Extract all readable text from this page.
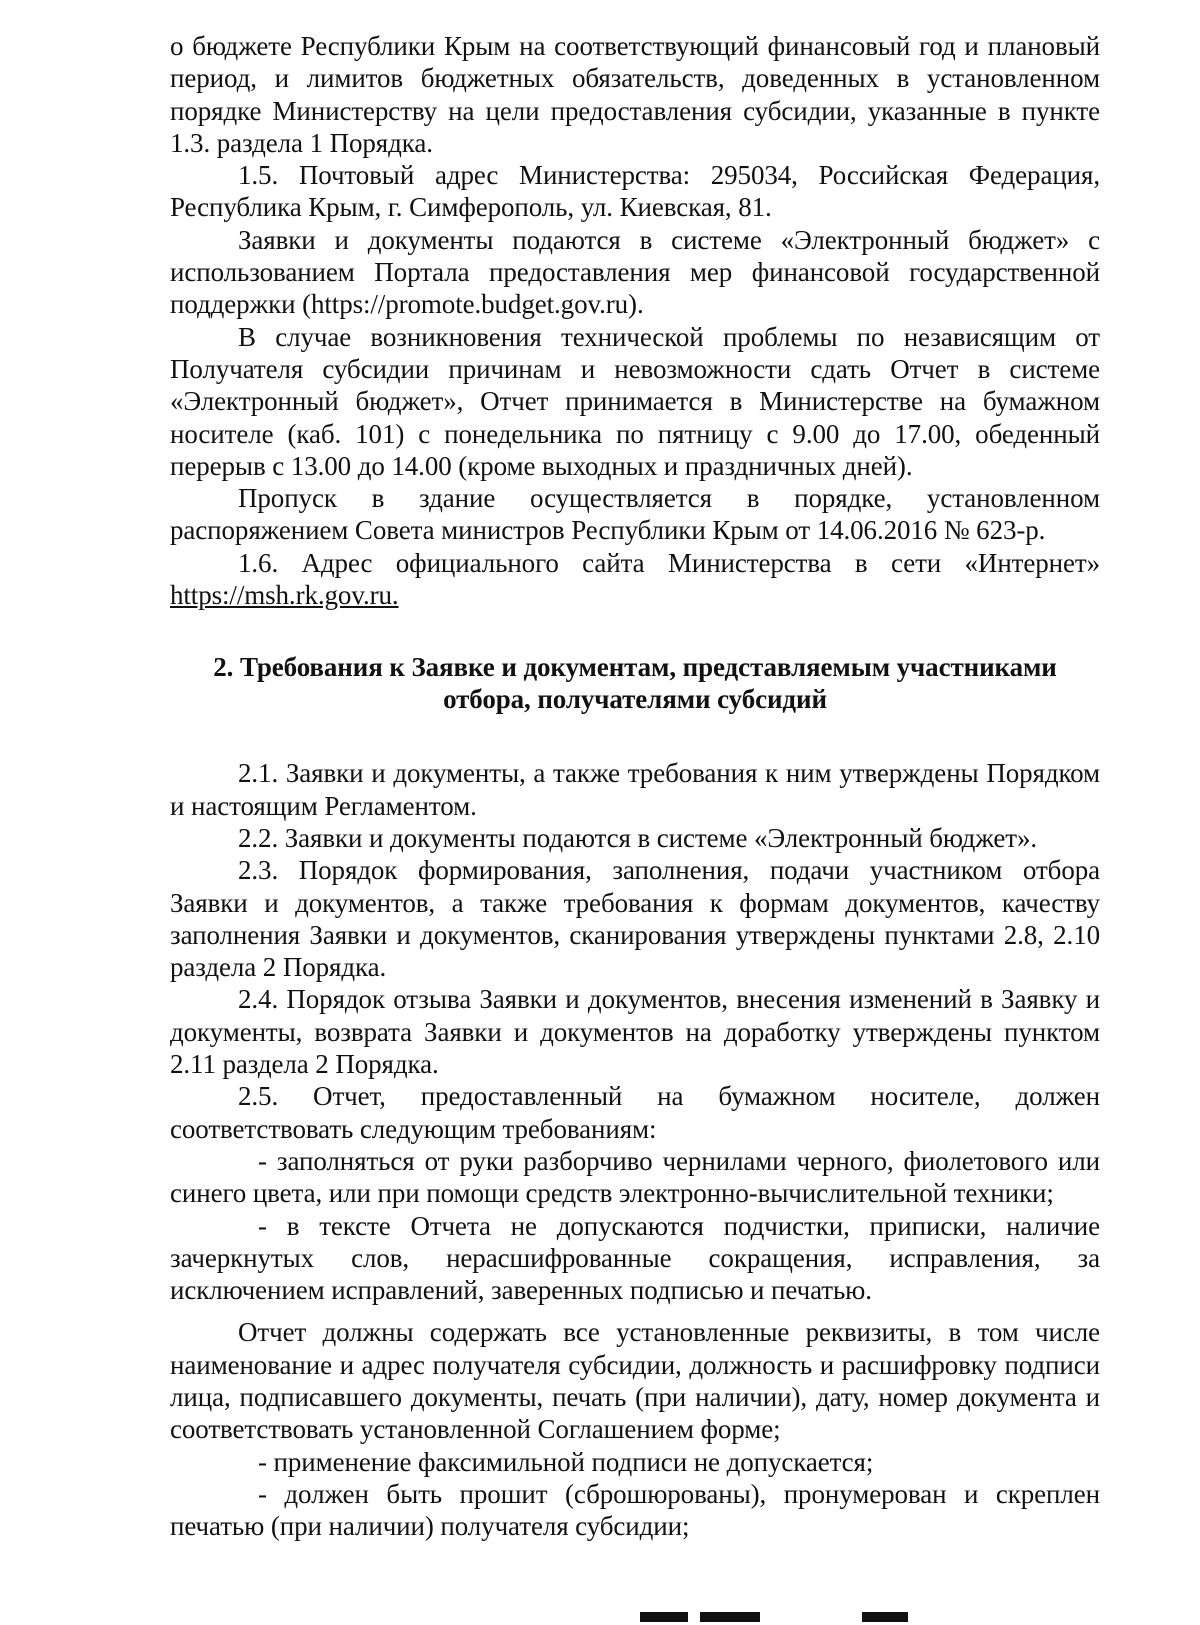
о бюджете Республики Крым на соответствующий финансовый год и плановый период, и лимитов бюджетных обязательств, доведенных в установленном порядке Министерству на цели предоставления субсидии, указанные в пункте 1.3. раздела 1 Порядка.

1.5. Почтовый адрес Министерства: 295034, Российская Федерация, Республика Крым, г. Симферополь, ул. Киевская, 81.

Заявки и документы подаются в системе «Электронный бюджет» с использованием Портала предоставления мер финансовой государственной поддержки (https://promote.budget.gov.ru).

В случае возникновения технической проблемы по независящим от Получателя субсидии причинам и невозможности сдать Отчет в системе «Электронный бюджет», Отчет принимается в Министерстве на бумажном носителе (каб. 101) с понедельника по пятницу с 9.00 до 17.00, обеденный перерыв с 13.00 до 14.00 (кроме выходных и праздничных дней).

Пропуск в здание осуществляется в порядке, установленном распоряжением Совета министров Республики Крым от 14.06.2016 № 623-р.

1.6. Адрес официального сайта Министерства в сети «Интернет» https://msh.rk.gov.ru.

2. Требования к Заявке и документам, представляемым участниками
отбора, получателями субсидий

2.1. Заявки и документы, а также требования к ним утверждены Порядком и настоящим Регламентом.

2.2. Заявки и документы подаются в системе «Электронный бюджет».

2.3. Порядок формирования, заполнения, подачи участником отбора Заявки и документов, а также требования к формам документов, качеству заполнения Заявки и документов, сканирования утверждены пунктами 2.8, 2.10 раздела 2 Порядка.

2.4. Порядок отзыва Заявки и документов, внесения изменений в Заявку и документы, возврата Заявки и документов на доработку утверждены пунктом 2.11 раздела 2 Порядка.

2.5. Отчет, предоставленный на бумажном носителе, должен соответствовать следующим требованиям:

- заполняться от руки разборчиво чернилами черного, фиолетового или синего цвета, или при помощи средств электронно-вычислительной техники;

- в тексте Отчета не допускаются подчистки, приписки, наличие зачеркнутых слов, нерасшифрованные сокращения, исправления, за исключением исправлений, заверенных подписью и печатью.

Отчет должны содержать все установленные реквизиты, в том числе наименование и адрес получателя субсидии, должность и расшифровку подписи лица, подписавшего документы, печать (при наличии), дату, номер документа и соответствовать установленной Соглашением форме;

- применение факсимильной подписи не допускается;

- должен быть прошит (сброшюрованы), пронумерован и скреплен печатью (при наличии) получателя субсидии;
